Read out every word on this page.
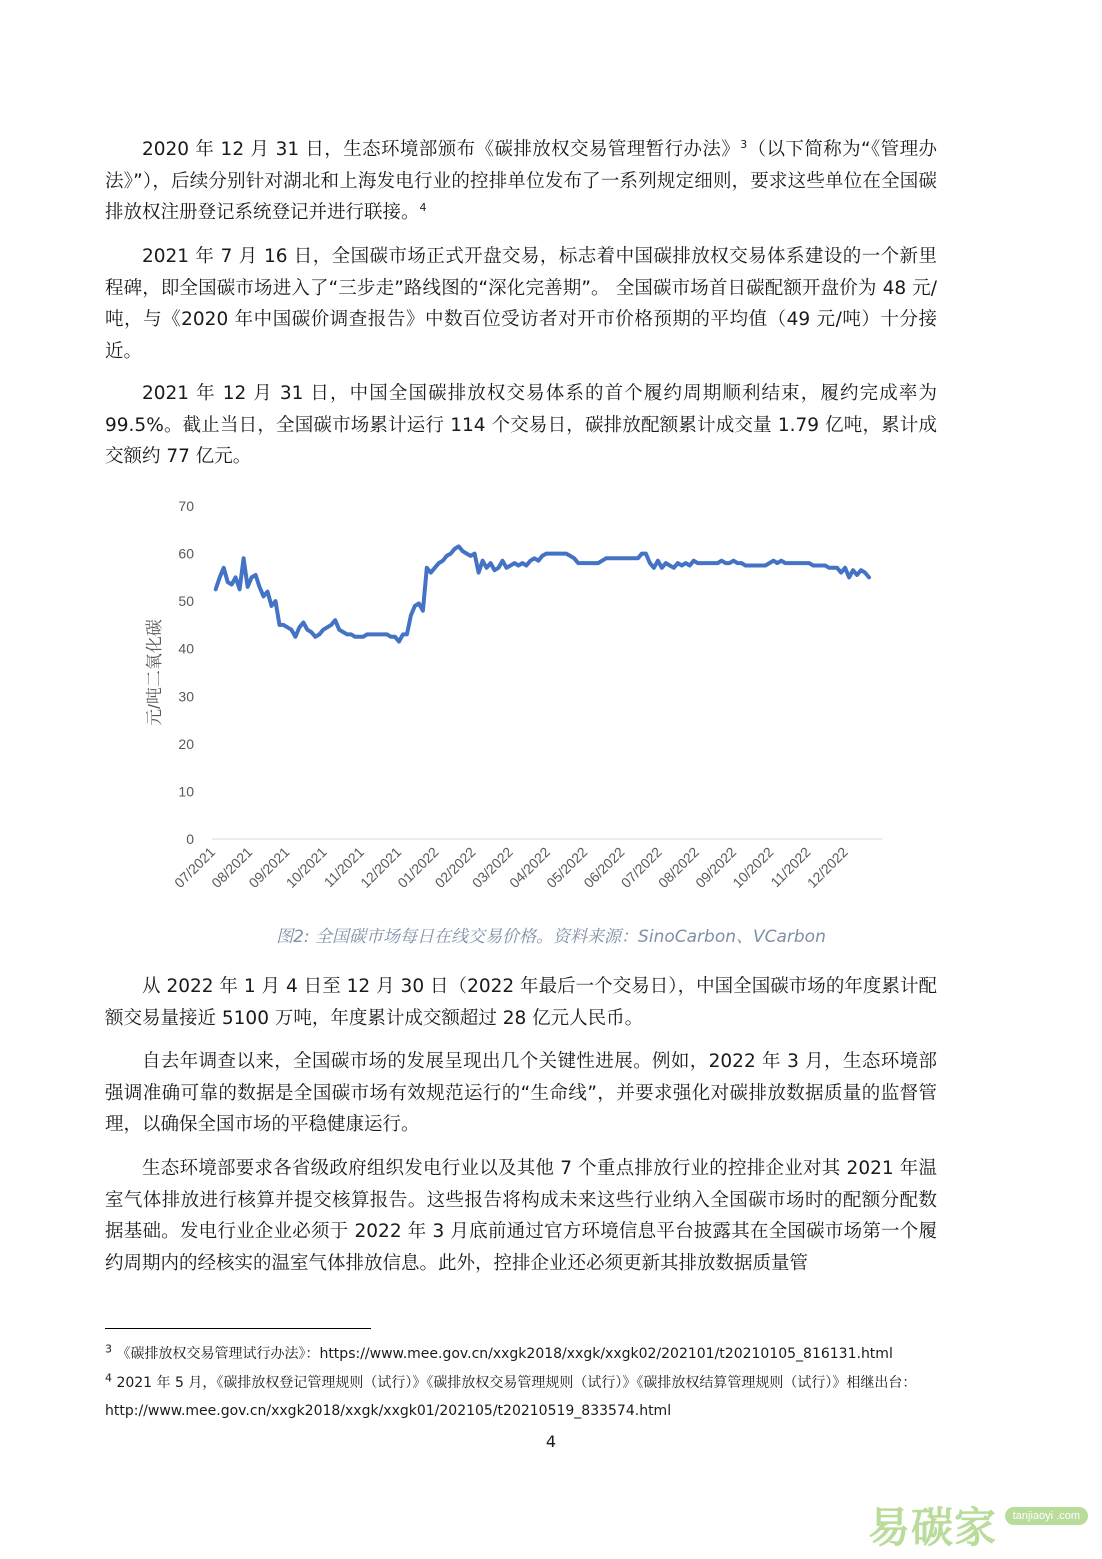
2020 年 12 月 31 日，生态环境部颁布《碳排放权交易管理暂行办法》$^3$（以下简称为“《管理办法》”），后续分别针对湖北和上海发电行业的控排单位发布了一系列规定细则，要求这些单位在全国碳排放权注册登记系统登记并进行联接。$^4$

2021 年 7 月 16 日，全国碳市场正式开盘交易，标志着中国碳排放权交易体系建设的一个新里程碑，即全国碳市场进入了“三步走”路线图的“深化完善期”。 全国碳市场首日碳配额开盘价为 48 元/吨，与《2020 年中国碳价调查报告》中数百位受访者对开市价格预期的平均值（49 元/吨）十分接近。

2021 年 12 月 31 日，中国全国碳排放权交易体系的首个履约周期顺利结束，履约完成率为 99.5%。截止当日，全国碳市场累计运行 114 个交易日，碳排放配额累计成交量 1.79 亿吨，累计成交额约 77 亿元。

0
10
20
30
40
50
60
70
元/吨二氧化碳
07/2021
08/2021
09/2021
10/2021
11/2021
12/2021
01/2022
02/2022
03/2022
04/2022
05/2022
06/2022
07/2022
08/2022
09/2022
10/2022
11/2022
12/2022

图2: 全国碳市场每日在线交易价格。资料来源：SinoCarbon、VCarbon

从 2022 年 1 月 4 日至 12 月 30 日（2022 年最后一个交易日），中国全国碳市场的年度累计配额交易量接近 5100 万吨，年度累计成交额超过 28 亿元人民币。

自去年调查以来，全国碳市场的发展呈现出几个关键性进展。例如，2022 年 3 月，生态环境部强调准确可靠的数据是全国碳市场有效规范运行的“生命线”，并要求强化对碳排放数据质量的监督管理，以确保全国市场的平稳健康运行。

生态环境部要求各省级政府组织发电行业以及其他 7 个重点排放行业的控排企业对其 2021 年温室气体排放进行核算并提交核算报告。这些报告将构成未来这些行业纳入全国碳市场时的配额分配数据基础。发电行业企业必须于 2022 年 3 月底前通过官方环境信息平台披露其在全国碳市场第一个履约周期内的经核实的温室气体排放信息。此外，控排企业还必须更新其排放数据质量管

$^3$ 《碳排放权交易管理试行办法》：https://www.mee.gov.cn/xxgk2018/xxgk/xxgk02/202101/t20210105_816131.html

$^4$ 2021 年 5 月，《碳排放权登记管理规则（试行）》《碳排放权交易管理规则（试行）》《碳排放权结算管理规则（试行）》相继出台： http://www.mee.gov.cn/xxgk2018/xxgk/xxgk01/202105/t20210519_833574.html

4

易碳家	tanjiaoyi .com
